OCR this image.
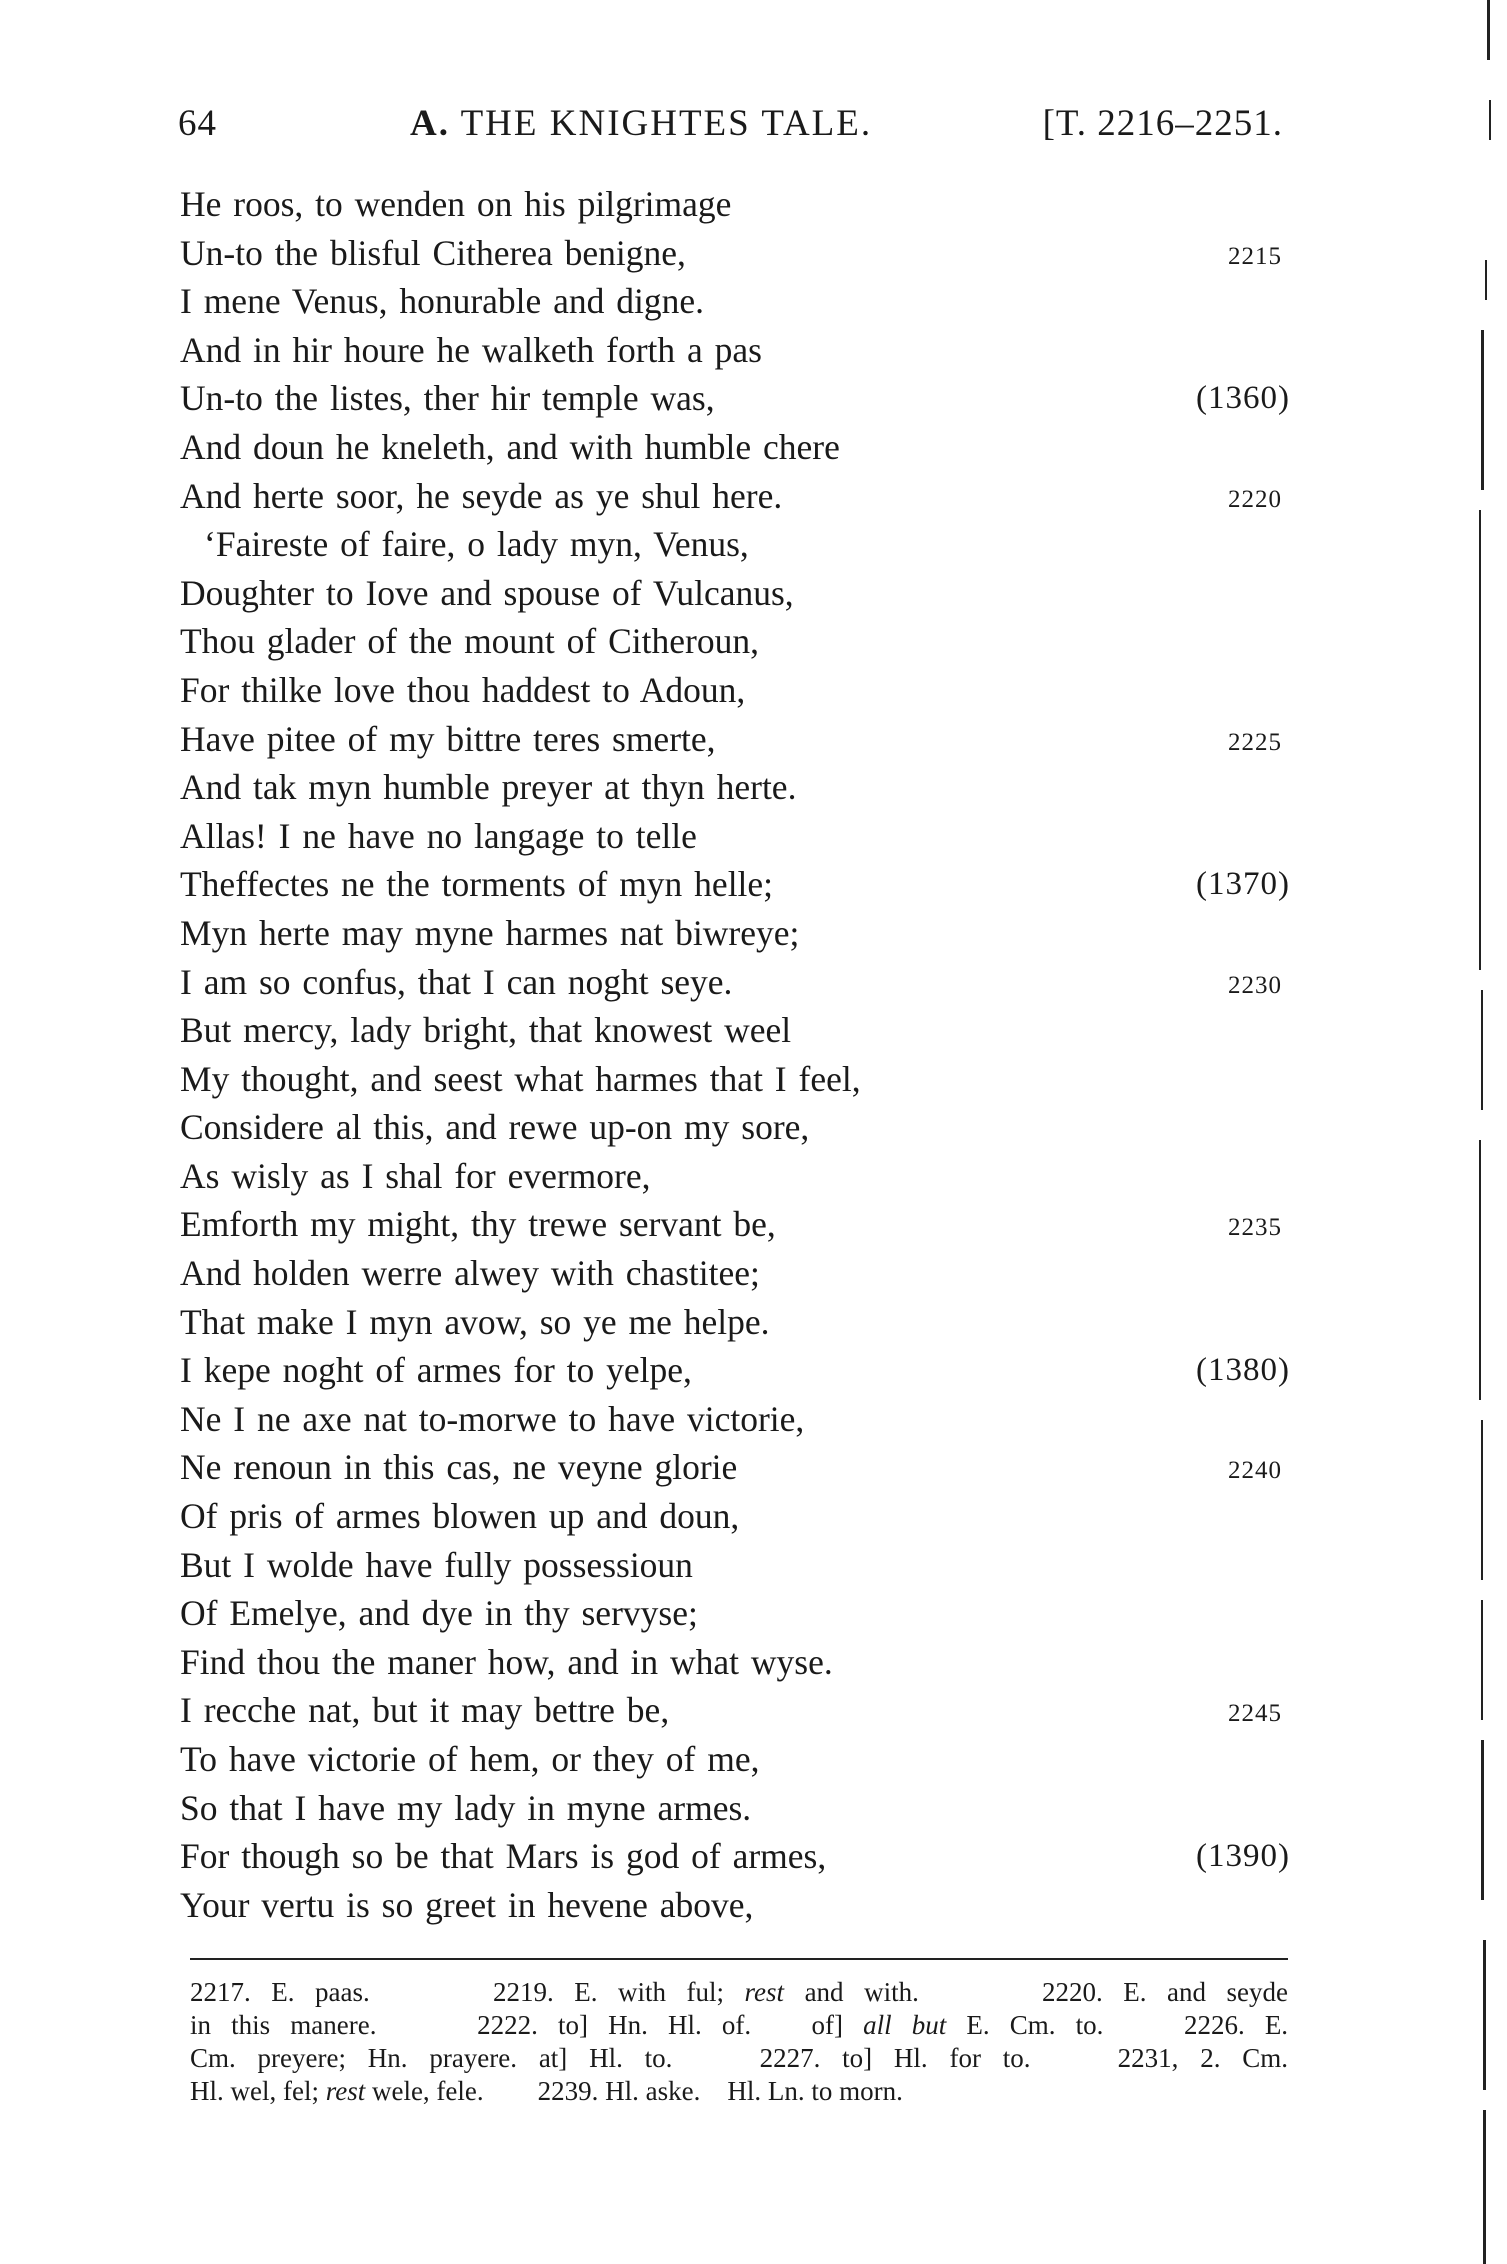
64	A. THE KNIGHTES TALE.	[T. 2216–2251.
He roos, to wenden on his pilgrimage
Un-to the blisful Citherea benigne,	2215
I mene Venus, honurable and digne.
And in hir houre he walketh forth a pas
Un-to the listes, ther hir temple was,	(1360)
And doun he kneleth, and with humble chere
And herte soor, he seyde as ye shul here.	2220
‘Faireste of faire, o lady myn, Venus,
Doughter to Iove and spouse of Vulcanus,
Thou glader of the mount of Citheroun,
For thilke love thou haddest to Adoun,
Have pitee of my bittre teres smerte,	2225
And tak myn humble preyer at thyn herte.
Allas! I ne have no langage to telle
Theffectes ne the torments of myn helle;	(1370)
Myn herte may myne harmes nat biwreye;
I am so confus, that I can noght seye.	2230
But mercy, lady bright, that knowest weel
My thought, and seest what harmes that I feel,
Considere al this, and rewe up-on my sore,
As wisly as I shal for evermore,
Emforth my might, thy trewe servant be,	2235
And holden werre alwey with chastitee;
That make I myn avow, so ye me helpe.
I kepe noght of armes for to yelpe,	(1380)
Ne I ne axe nat to-morwe to have victorie,
Ne renoun in this cas, ne veyne glorie	2240
Of pris of armes blowen up and doun,
But I wolde have fully possessioun
Of Emelye, and dye in thy servyse;
Find thou the maner how, and in what wyse.
I recche nat, but it may bettre be,	2245
To have victorie of hem, or they of me,
So that I have my lady in myne armes.
For though so be that Mars is god of armes,	(1390)
Your vertu is so greet in hevene above,
2217. E. paas.	2219. E. with ful; rest and with.	2220. E. and seyde
in this manere.	2222. to] Hn. Hl. of. of] all but E. Cm. to.	2226. E.
Cm. preyere; Hn. prayere. at] Hl. to.	2227. to] Hl. for to.	2231, 2. Cm.
Hl. wel, fel; rest wele, fele. 2239. Hl. aske. Hl. Ln. to morn.
